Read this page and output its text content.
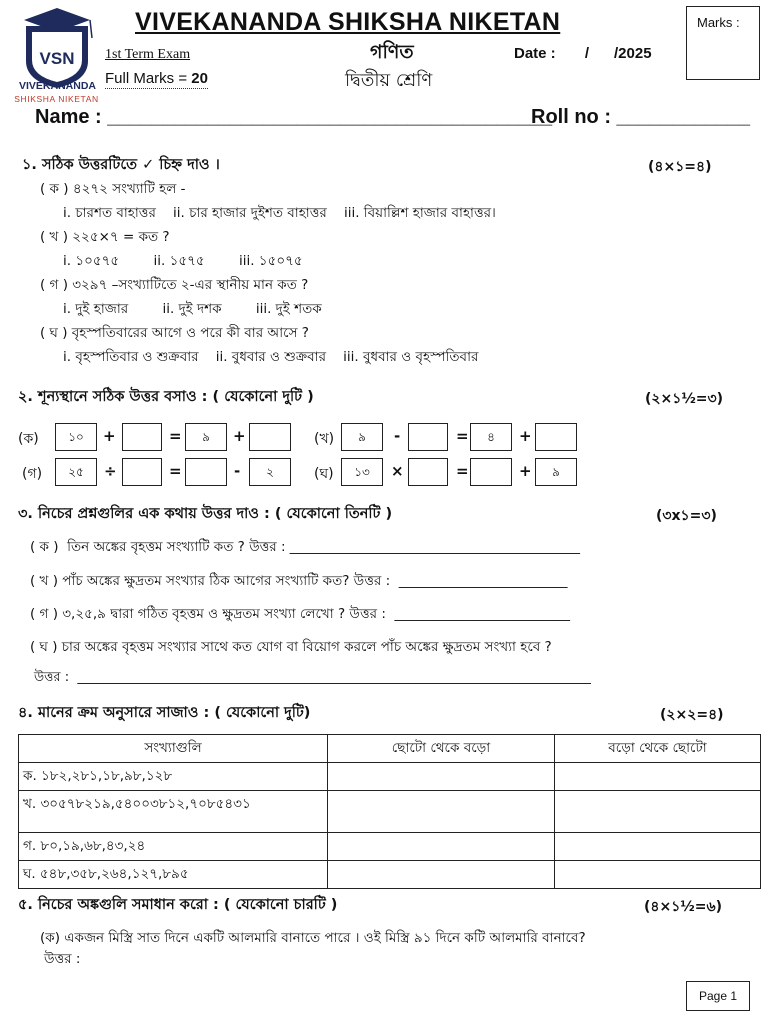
VSN
VIVEKANANDA
SHIKSHA NIKETAN
VIVEKANANDA SHIKSHA NIKETAN
1st Term Exam
Full Marks = 20
গণিত
দ্বিতীয় শ্রেণি
Date :       /      /2025
Marks :
Name : ________________________________________
Roll no : ____________
১. সঠিক উত্তরটিতে ✓ চিহ্ন দাও ।	(৪×১=৪)
( ক ) ৪২৭২ সংখ্যাটি হল -
i. চারশত বাহাত্তর    ii. চার হাজার দুইশত বাহাত্তর    iii. বিয়াল্লিশ হাজার বাহাত্তর।
( খ ) ২২৫×৭ = কত ?
i. ১০৫৭৫        ii. ১৫৭৫        iii. ১৫০৭৫
( গ ) ৩২৯৭ –সংখ্যাটিতে ২-এর স্থানীয় মান কত ?
i. দুই হাজার        ii. দুই দশক        iii. দুই শতক
( ঘ ) বৃহস্পতিবারের আগে ও পরে কী বার আসে ?
i. বৃহস্পতিবার ও শুক্রবার    ii. বুধবার ও শুক্রবার    iii. বুধবার ও বৃহস্পতিবার
২. শূন্যস্থানে সঠিক উত্তর বসাও : ( যেকোনো দুটি )	(২×১½=৩)
(ক)	১০	+	=	৯	+	(খ)	৯	-	=	৪	+
(গ)	২৫	÷	=	-	২	(ঘ)	১৩	×	=	+	৯
৩. নিচের প্রশ্নগুলির এক কথায় উত্তর দাও : ( যেকোনো তিনটি )	(৩x১=৩)
( ক )  তিন অঙ্কের বৃহত্তম সংখ্যাটি কত ? উত্তর : ___________________________________________
( খ ) পাঁচ অঙ্কের ক্ষুদ্রতম সংখ্যার ঠিক আগের সংখ্যাটি কত? উত্তর :  _________________________
( গ ) ৩,২৫,৯ দ্বারা গঠিত বৃহত্তম ও ক্ষুদ্রতম সংখ্যা লেখো ? উত্তর :  __________________________
( ঘ ) চার অঙ্কের বৃহত্তম সংখ্যার সাথে কত যোগ বা বিয়োগ করলে পাঁচ অঙ্কের ক্ষুদ্রতম সংখ্যা হবে ?
উত্তর :  _______________________________________________________________________________
৪. মানের ক্রম অনুসারে সাজাও : ( যেকোনো দুটি)	(২×২=৪)
সংখ্যাগুলি	ছোটো থেকে বড়ো	বড়ো থেকে ছোটো
ক. ১৮২,২৮১,১৮,৯৮,১২৮		
খ. ৩০৫৭৮২১৯,৫৪০০৩৮১২,৭০৮৫৪৩১		
গ. ৮০,১৯,৬৮,৪৩,২৪		
ঘ. ৫৪৮,৩৫৮,২৬৪,১২৭,৮৯৫		
৫. নিচের অঙ্কগুলি সমাধান করো : ( যেকোনো চারটি )	(৪×১½=৬)
(ক) একজন মিস্ত্রি সাত দিনে একটি আলমারি বানাতে পারে । ওই মিস্ত্রি ৯১ দিনে কটি আলমারি বানাবে?
উত্তর :
Page 1
